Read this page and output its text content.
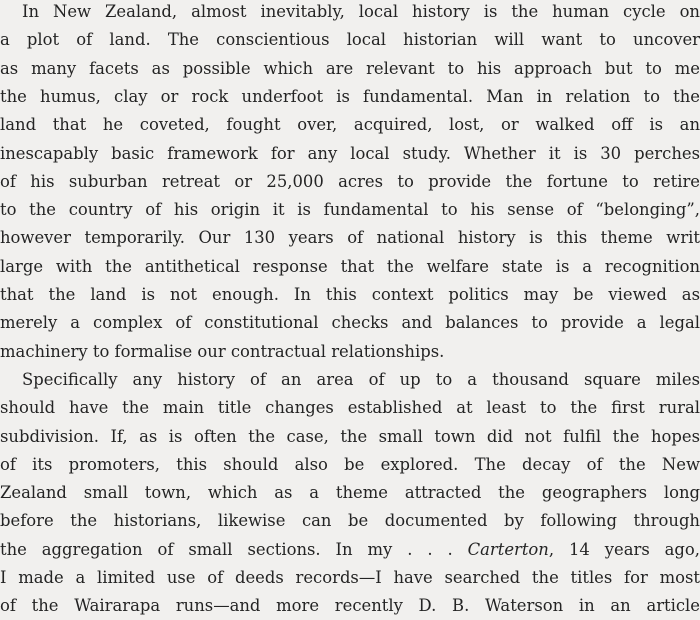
In New Zealand, almost inevitably, local history is the human cycle on
a plot of land. The conscientious local historian will want to uncover
as many facets as possible which are relevant to his approach but to me
the humus, clay or rock underfoot is fundamental. Man in relation to the
land that he coveted, fought over, acquired, lost, or walked off is an
inescapably basic framework for any local study. Whether it is 30 perches
of his suburban retreat or 25,000 acres to provide the fortune to retire
to the country of his origin it is fundamental to his sense of “belonging”,
however temporarily. Our 130 years of national history is this theme writ
large with the antithetical response that the welfare state is a recognition
that the land is not enough. In this context politics may be viewed as
merely a complex of constitutional checks and balances to provide a legal
machinery to formalise our contractual relationships.
Specifically any history of an area of up to a thousand square miles
should have the main title changes established at least to the first rural
subdivision. If, as is often the case, the small town did not fulfil the hopes
of its promoters, this should also be explored. The decay of the New
Zealand small town, which as a theme attracted the geographers long
before the historians, likewise can be documented by following through
the aggregation of small sections. In my . . . Carterton, 14 years ago,
I made a limited use of deeds records—I have searched the titles for most
of the Wairarapa runs—and more recently D. B. Waterson in an article
